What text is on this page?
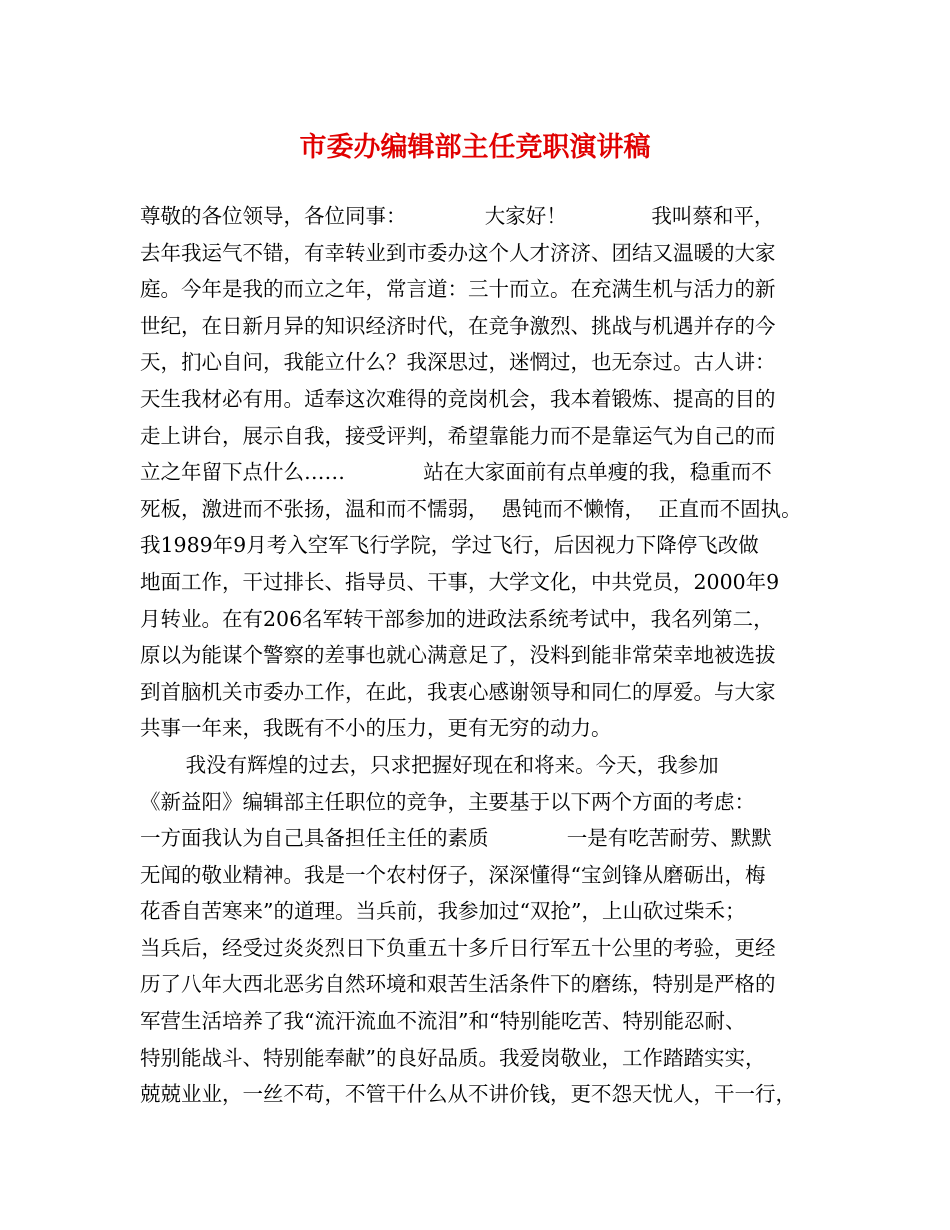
市委办编辑部主任竞职演讲稿
尊敬的各位领导，各位同事：            大家好！             我叫蔡和平，
去年我运气不错，有幸转业到市委办这个人才济济、团结又温暖的大家
庭。今年是我的而立之年，常言道：三十而立。在充满生机与活力的新
世纪，在日新月异的知识经济时代，在竞争激烈、挑战与机遇并存的今
天，扪心自问，我能立什么？我深思过，迷惘过，也无奈过。古人讲：
天生我材必有用。适奉这次难得的竞岗机会，我本着锻炼、提高的目的
走上讲台，展示自我，接受评判，希望靠能力而不是靠运气为自己的而
立之年留下点什么……            站在大家面前有点单瘦的我，稳重而不
死板，激进而不张扬，温和而不懦弱，  愚钝而不懒惰，  正直而不固执。
我1989年9月考入空军飞行学院，学过飞行，后因视力下降停飞改做
地面工作，干过排长、指导员、干事，大学文化，中共党员，2000年9
月转业。在有206名军转干部参加的进政法系统考试中，我名列第二，
原以为能谋个警察的差事也就心满意足了，没料到能非常荣幸地被选拔
到首脑机关市委办工作，在此，我衷心感谢领导和同仁的厚爱。与大家
共事一年来，我既有不小的压力，更有无穷的动力。
我没有辉煌的过去，只求把握好现在和将来。今天，我参加
《新益阳》编辑部主任职位的竞争，主要基于以下两个方面的考虑：
一方面我认为自己具备担任主任的素质            一是有吃苦耐劳、默默
无闻的敬业精神。我是一个农村伢子，深深懂得“宝剑锋从磨砺出，梅
花香自苦寒来”的道理。当兵前，我参加过“双抢”，上山砍过柴禾；
当兵后，经受过炎炎烈日下负重五十多斤日行军五十公里的考验，更经
历了八年大西北恶劣自然环境和艰苦生活条件下的磨练，特别是严格的
军营生活培养了我“流汗流血不流泪”和“特别能吃苦、特别能忍耐、
特别能战斗、特别能奉献”的良好品质。我爱岗敬业，工作踏踏实实，
兢兢业业，一丝不苟，不管干什么从不讲价钱，更不怨天忧人，干一行，
